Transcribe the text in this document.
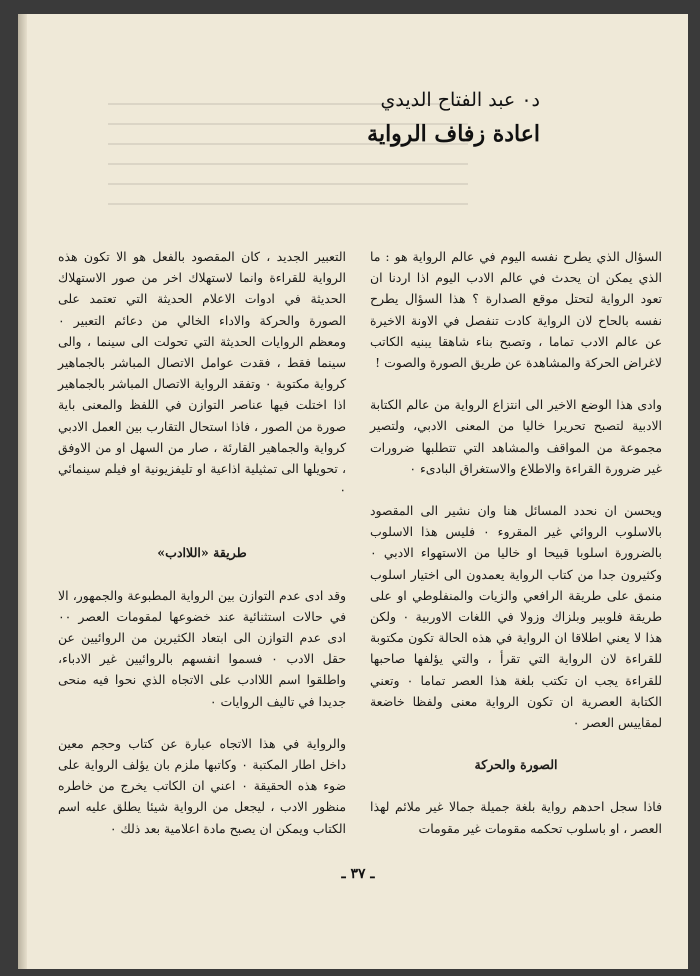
د٠ عبد الفتاح الديدي
اعادة زفاف الرواية

السؤال الذي يطرح نفسه اليوم في عالم الرواية هو : ما الذي يمكن ان يحدث في عالم الادب اليوم اذا اردنا ان تعود الرواية لتحتل موقع الصدارة ؟ هذا السؤال يطرح نفسه بالحاح لان الرواية كادت تنفصل في الاونة الاخيرة عن عالم الادب تماما ، وتصبح بناء شاهقا يبنيه الكاتب لاغراض الحركة والمشاهدة عن طريق الصورة والصوت !

وادى هذا الوضع الاخير الى انتزاع الرواية من عالم الكتابة الادبية لتصبح تحريرا خاليا من المعنى الادبي، ولتصير مجموعة من المواقف والمشاهد التي تتطلبها ضرورات غير ضرورة القراءة والاطلاع والاستغراق البادىء ٠

ويحسن ان نحدد المسائل هنا وان نشير الى المقصود بالاسلوب الروائي غير المقروء ٠ فليس هذا الاسلوب بالضرورة اسلوبا قبيحا او خاليا من الاستهواء الادبي ٠ وكثيرون جدا من كتاب الرواية يعمدون الى اختيار اسلوب منمق على طريقة الرافعي والزيات والمنفلوطي او على طريقة فلوبير وبلزاك وزولا في اللغات الاوربية ٠ ولكن هذا لا يعني اطلاقا ان الرواية في هذه الحالة تكون مكتوبة للقراءة لان الرواية التي تقرأ ، والتي يؤلفها صاحبها للقراءة يجب ان تكتب بلغة هذا العصر تماما ٠ وتعني الكتابة العصرية ان تكون الرواية معنى ولفظا خاضعة لمقاييس العصر ٠

الصورة والحركة

فاذا سجل احدهم رواية بلغة جميلة جمالا غير ملائم لهذا العصر ، او باسلوب تحكمه مقومات غير مقومات

التعبير الجديد ، كان المقصود بالفعل هو الا تكون هذه الرواية للقراءة وانما لاستهلاك اخر من صور الاستهلاك الحديثة في ادوات الاعلام الحديثة التي تعتمد على الصورة والحركة والاداء الخالي من دعائم التعبير ٠ ومعظم الروايات الحديثة التي تحولت الى سينما ، والى سينما فقط ، فقدت عوامل الاتصال المباشر بالجماهير كرواية مكتوبة ٠ وتفقد الرواية الاتصال المباشر بالجماهير اذا اختلت فيها عناصر التوازن في اللفظ والمعنى باية صورة من الصور ، فاذا استحال التقارب بين العمل الادبي كرواية والجماهير القارئة ، صار من السهل او من الاوفق ، تحويلها الى تمثيلية اذاعية او تليفزيونية او فيلم سينمائي ٠

طريقة «اللاادب»

وقد ادى عدم التوازن بين الرواية المطبوعة والجمهور، الا في حالات استثنائية عند خضوعها لمقومات العصر ٠٠ ادى عدم التوازن الى ابتعاد الكثيرين من الروائيين عن حقل الادب ٠ فسموا انفسهم بالروائيين غير الادباء، واطلقوا اسم اللاادب على الاتجاه الذي نحوا فيه منحى جديدا في تاليف الروايات ٠

والرواية في هذا الاتجاه عبارة عن كتاب وحجم معين داخل اطار المكتبة ٠ وكاتبها ملزم بان يؤلف الرواية على ضوء هذه الحقيقة ٠ اعني ان الكاتب يخرج من خاطره منظور الادب ، ليجعل من الرواية شيئا يطلق عليه اسم الكتاب ويمكن ان يصبح مادة اعلامية بعد ذلك ٠

ـ ٣٧ ـ
